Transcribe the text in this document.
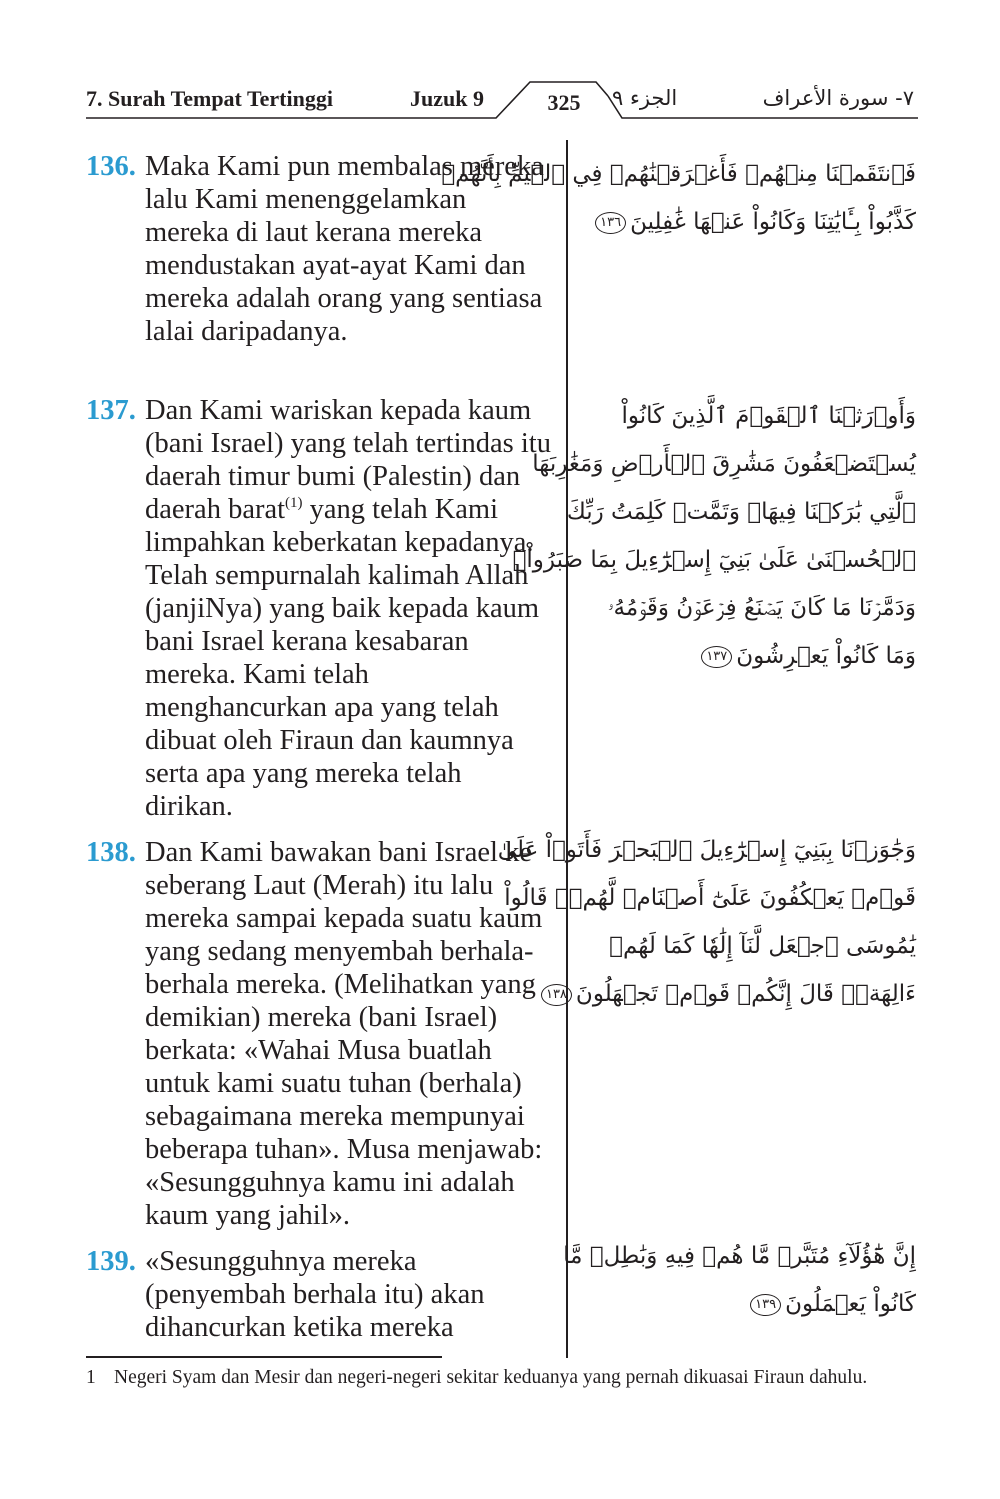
7. Surah Tempat Tertinggi	Juzuk 9	325	الجزء ٩	٧- سورة الأعراف
136. Maka Kami pun membalas mereka lalu Kami menenggelamkan mereka di laut kerana mereka mendustakan ayat-ayat Kami dan mereka adalah orang yang sentiasa lalai daripadanya.
فَٱنتَقَمۡنَا مِنۡهُمۡ فَأَغۡرَقۡنَٰهُمۡ فِي ٱلۡيَمِّ بِأَنَّهُمۡ
كَذَّبُواْ بِـَٔايَٰتِنَا وَكَانُواْ عَنۡهَا غَٰفِلِينَ١٣٦
137. Dan Kami wariskan kepada kaum (bani Israel) yang telah tertindas itu daerah timur bumi (Palestin) dan daerah barat$^{(1)}$ yang telah Kami limpahkan keberkatan kepadanya. Telah sempurnalah kalimah Allah (janjiNya) yang baik kepada kaum bani Israel kerana kesabaran mereka. Kami telah menghancurkan apa yang telah dibuat oleh Firaun dan kaumnya serta apa yang mereka telah dirikan.
وَأَوۡرَثۡنَا ٱلۡقَوۡمَ ٱلَّذِينَ كَانُواْ
يُسۡتَضۡعَفُونَ مَشَٰرِقَ ٱلۡأَرۡضِ وَمَغَٰرِبَهَا
ٱلَّتِي بَٰرَكۡنَا فِيهَاۖ وَتَمَّتۡ كَلِمَتُ رَبِّكَ
ٱلۡحُسۡنَىٰ عَلَىٰ بَنِيٓ إِسۡرَٰٓءِيلَ بِمَا صَبَرُواْۖ
وَدَمَّرۡنَا مَا كَانَ يَصۡنَعُ فِرۡعَوۡنُ وَقَوۡمُهُۥ
وَمَا كَانُواْ يَعۡرِشُونَ١٣٧
138. Dan Kami bawakan bani Israel ke seberang Laut (Merah) itu lalu mereka sampai kepada suatu kaum yang sedang menyembah berhala-berhala mereka. (Melihatkan yang demikian) mereka (bani Israel) berkata: «Wahai Musa buatlah untuk kami suatu tuhan (berhala) sebagaimana mereka mempunyai beberapa tuhan». Musa menjawab: «Sesungguhnya kamu ini adalah kaum yang jahil».
وَجَٰوَزۡنَا بِبَنِيٓ إِسۡرَٰٓءِيلَ ٱلۡبَحۡرَ فَأَتَوۡاْ عَلَىٰ
قَوۡمٖ يَعۡكُفُونَ عَلَىٰٓ أَصۡنَامٖ لَّهُمۡۚ قَالُواْ
يَٰمُوسَى ٱجۡعَل لَّنَآ إِلَٰهٗا كَمَا لَهُمۡ
ءَالِهَةٞۚ قَالَ إِنَّكُمۡ قَوۡمٞ تَجۡهَلُونَ١٣٨
139. «Sesungguhnya mereka (penyembah berhala itu) akan dihancurkan ketika mereka
إِنَّ هَٰٓؤُلَآءِ مُتَبَّرٞ مَّا هُمۡ فِيهِ وَبَٰطِلٞ مَّا
كَانُواْ يَعۡمَلُونَ١٣٩
1 Negeri Syam dan Mesir dan negeri-negeri sekitar keduanya yang pernah dikuasai Firaun dahulu.
